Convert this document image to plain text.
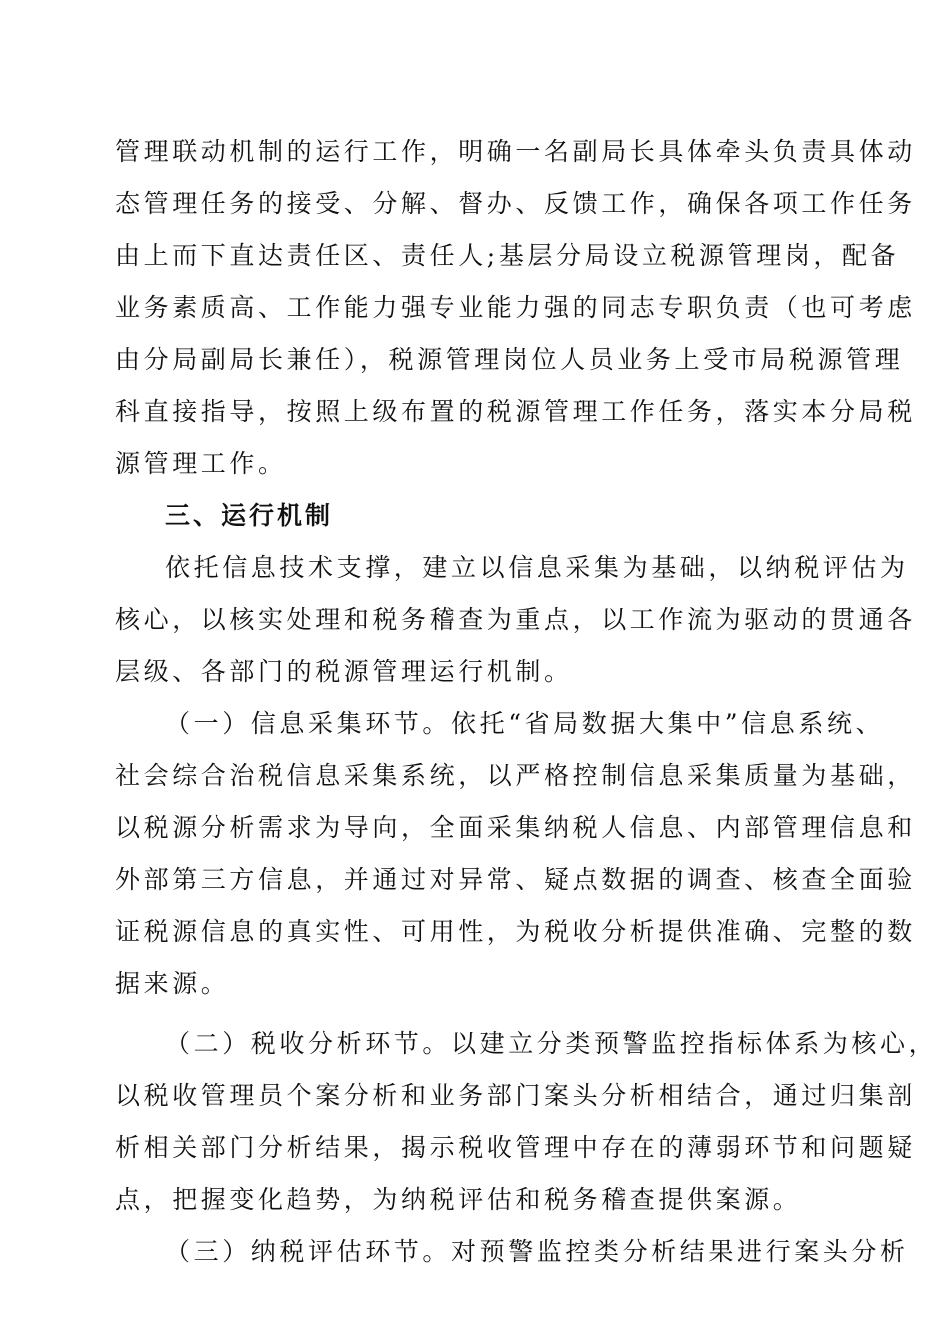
管理联动机制的运行工作，明确一名副局长具体牵头负责具体动
态管理任务的接受、分解、督办、反馈工作，确保各项工作任务
由上而下直达责任区、责任人;基层分局设立税源管理岗，配备
业务素质高、工作能力强专业能力强的同志专职负责（也可考虑
由分局副局长兼任），税源管理岗位人员业务上受市局税源管理
科直接指导，按照上级布置的税源管理工作任务，落实本分局税
源管理工作。
三、运行机制
依托信息技术支撑，建立以信息采集为基础，以纳税评估为
核心，以核实处理和税务稽查为重点，以工作流为驱动的贯通各
层级、各部门的税源管理运行机制。
（一）信息采集环节。依托“省局数据大集中”信息系统、
社会综合治税信息采集系统，以严格控制信息采集质量为基础，
以税源分析需求为导向，全面采集纳税人信息、内部管理信息和
外部第三方信息，并通过对异常、疑点数据的调查、核查全面验
证税源信息的真实性、可用性，为税收分析提供准确、完整的数
据来源。
（二）税收分析环节。以建立分类预警监控指标体系为核心，
以税收管理员个案分析和业务部门案头分析相结合，通过归集剖
析相关部门分析结果，揭示税收管理中存在的薄弱环节和问题疑
点，把握变化趋势，为纳税评估和税务稽查提供案源。
（三）纳税评估环节。对预警监控类分析结果进行案头分析
